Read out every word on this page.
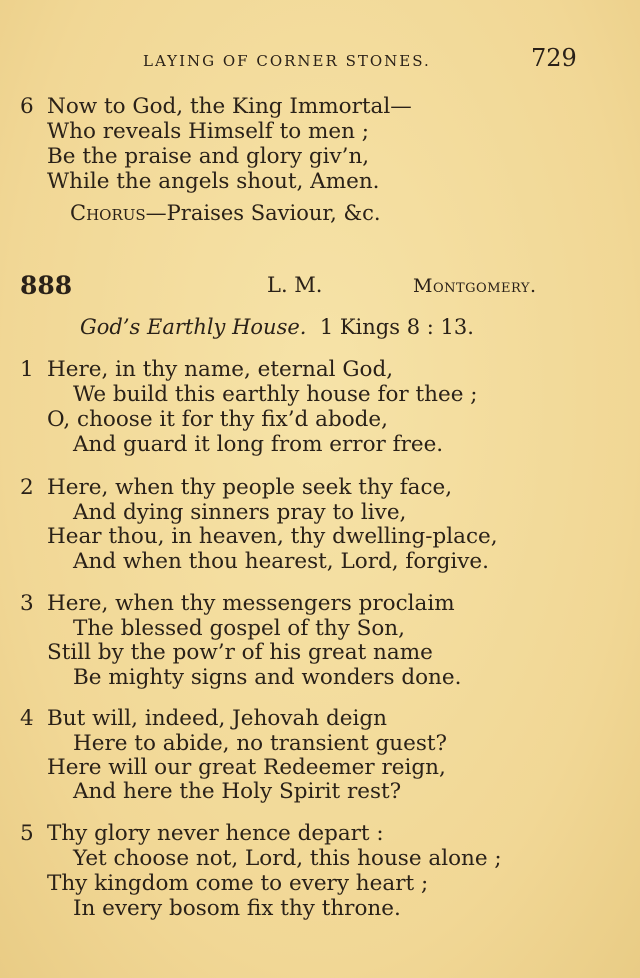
LAYING OF CORNER STONES.	729
6 Now to God, the King Immortal—
Who reveals Himself to men ;
Be the praise and glory giv’n,
While the angels shout, Amen.
Chorus—Praises Saviour, &c.
888	L. M.	Montgomery.
God’s Earthly House. 1 Kings 8 : 13.
1 Here, in thy name, eternal God,
We build this earthly house for thee ;
O, choose it for thy fix’d abode,
And guard it long from error free.
2 Here, when thy people seek thy face,
And dying sinners pray to live,
Hear thou, in heaven, thy dwelling-place,
And when thou hearest, Lord, forgive.
3 Here, when thy messengers proclaim
The blessed gospel of thy Son,
Still by the pow’r of his great name
Be mighty signs and wonders done.
4 But will, indeed, Jehovah deign
Here to abide, no transient guest?
Here will our great Redeemer reign,
And here the Holy Spirit rest?
5 Thy glory never hence depart :
Yet choose not, Lord, this house alone ;
Thy kingdom come to every heart ;
In every bosom fix thy throne.
